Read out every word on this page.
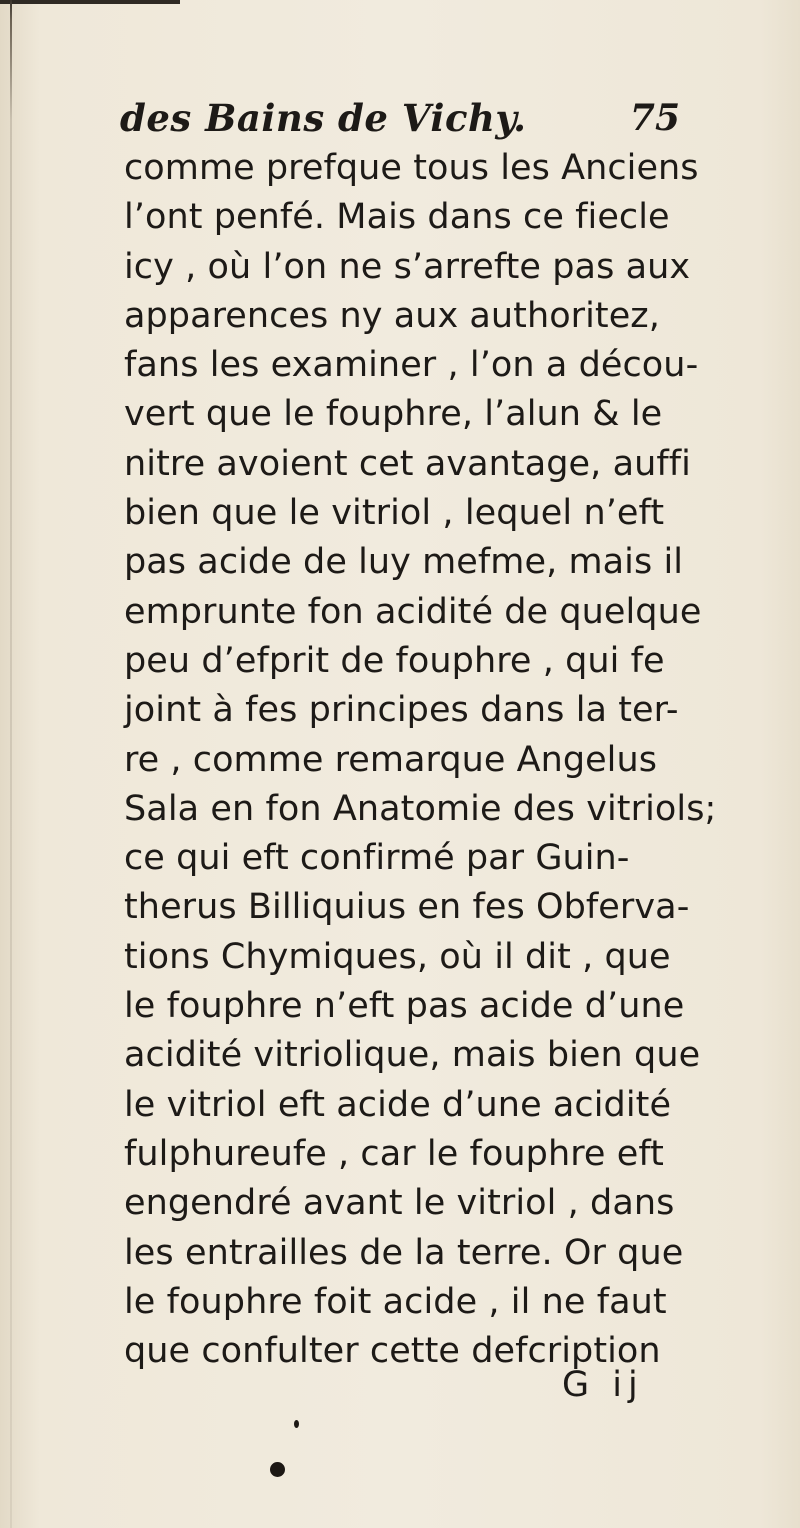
des Bains de Vichy.	75
comme prefque tous les Anciens
l’ont penfé. Mais dans ce fiecle
icy , où l’on ne s’arrefte pas aux
apparences ny aux authoritez,
fans les examiner , l’on a décou-
vert que le fouphre, l’alun & le
nitre avoient cet avantage, auffi
bien que le vitriol , lequel n’eft
pas acide de luy mefme, mais il
emprunte fon acidité de quelque
peu d’efprit de fouphre , qui fe
joint à fes principes dans la ter-
re , comme remarque Angelus
Sala en fon Anatomie des vitriols;
ce qui eft confirmé par Guin-
therus Billiquius en fes Obferva-
tions Chymiques, où il dit , que
le fouphre n’eft pas acide d’une
acidité vitriolique, mais bien que
le vitriol eft acide d’une acidité
fulphureufe , car le fouphre eft
engendré avant le vitriol , dans
les entrailles de la terre. Or que
le fouphre foit acide , il ne faut
que confulter cette defcription
G ij
